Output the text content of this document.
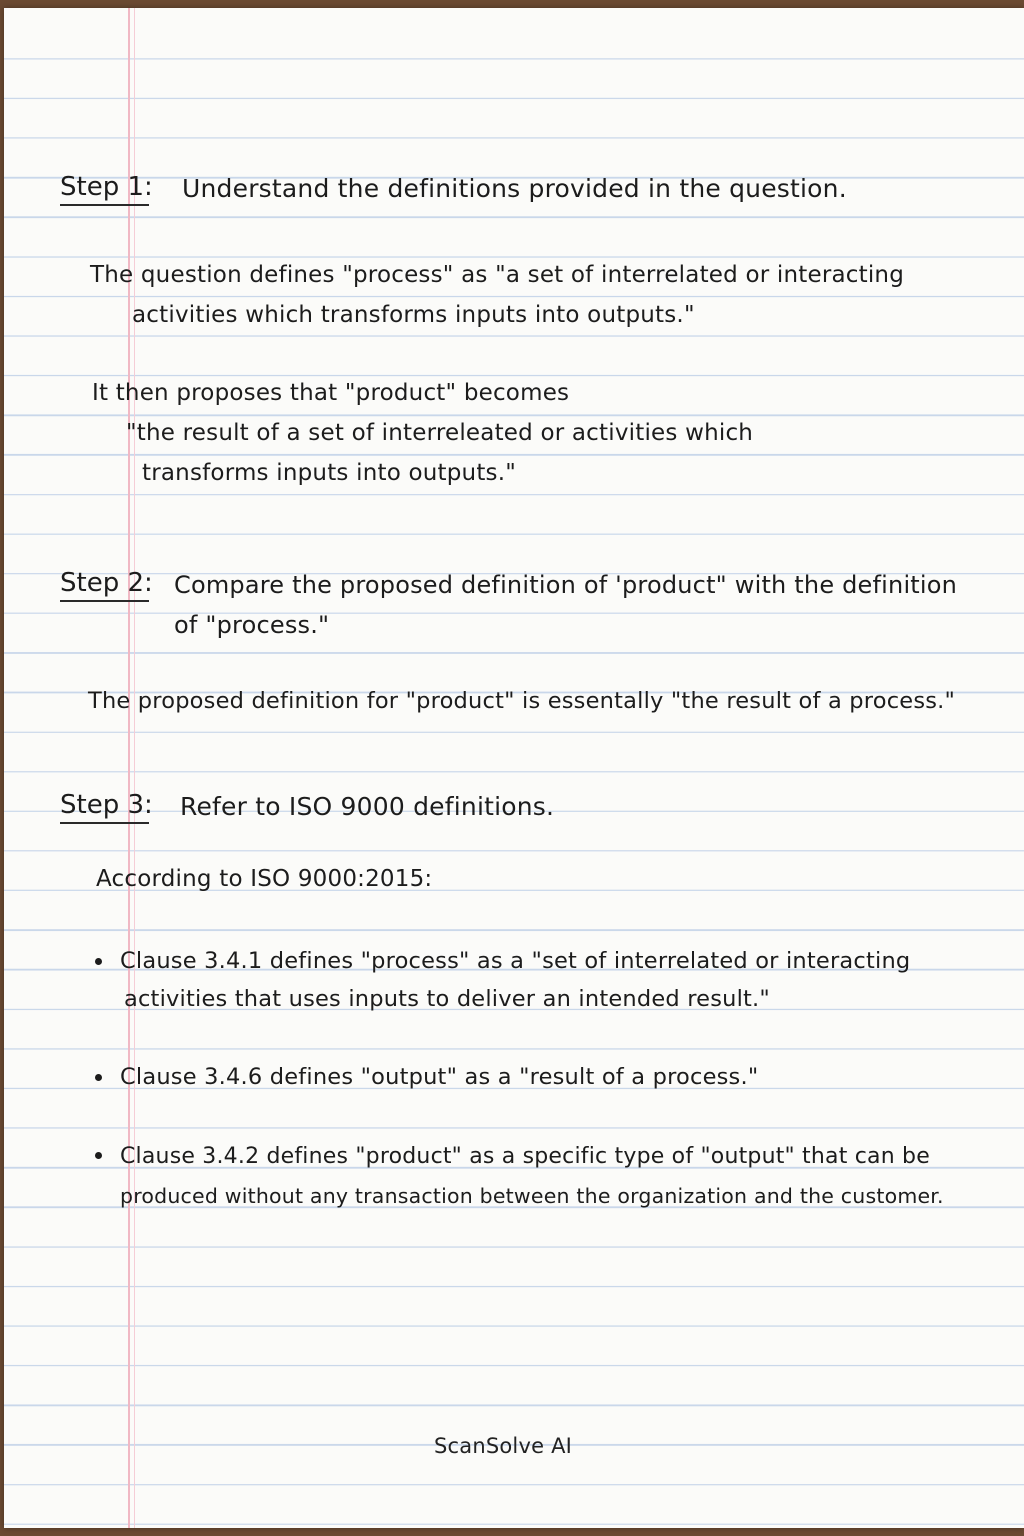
Step 1: Understand the definitions provided in the question.
The question defines "process" as "a set of interrelated or interacting
activities which transforms inputs into outputs."
It then proposes that "product" becomes
"the result of a set of interreleated or activities which
transforms inputs into outputs."
Step 2: Compare the proposed definition of 'product" with the definition
of "process."
The proposed definition for "product" is essentally "the result of a process."
Step 3: Refer to ISO 9000 definitions.
According to ISO 9000:2015:
Clause 3.4.1 defines "process" as a "set of interrelated or interacting
activities that uses inputs to deliver an intended result."
Clause 3.4.6 defines "output" as a "result of a process."
Clause 3.4.2 defines "product" as a specific type of "output" that can be
produced without any transaction between the organization and the customer.
ScanSolve AI
